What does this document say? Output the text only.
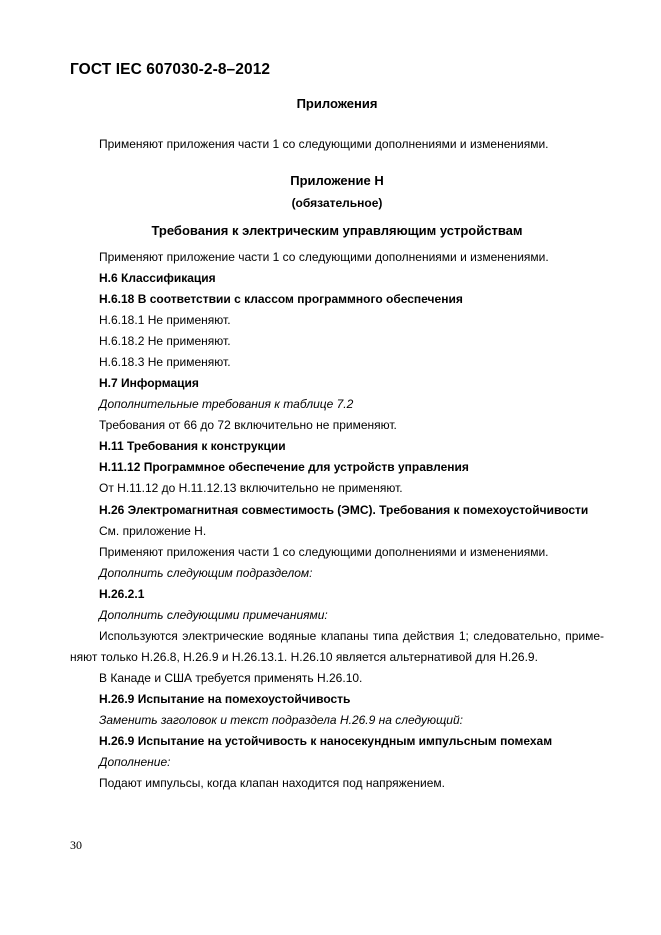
ГОСТ IEC 607030-2-8–2012
Приложения
Применяют приложения части 1 со следующими дополнениями и изменениями.
Приложение Н
(обязательное)
Требования к электрическим управляющим устройствам
Применяют приложение части 1 со следующими дополнениями и изменениями.
Н.6 Классификация
Н.6.18 В соответствии с классом программного обеспечения
Н.6.18.1 Не применяют.
Н.6.18.2 Не применяют.
Н.6.18.3 Не применяют.
Н.7 Информация
Дополнительные требования к таблице 7.2
Требования от 66 до 72 включительно не применяют.
Н.11 Требования к конструкции
Н.11.12 Программное обеспечение для устройств управления
От Н.11.12 до Н.11.12.13 включительно не применяют.
Н.26 Электромагнитная совместимость (ЭМС). Требования к помехоустойчивости
См. приложение Н.
Применяют приложения части 1 со следующими дополнениями и изменениями.
Дополнить следующим подразделом:
Н.26.2.1
Дополнить следующими примечаниями:
Используются электрические водяные клапаны типа действия 1; следовательно, приме-
няют только Н.26.8, Н.26.9 и Н.26.13.1. Н.26.10 является альтернативой для Н.26.9.
В Канаде и США требуется применять Н.26.10.
Н.26.9 Испытание на помехоустойчивость
Заменить заголовок и текст подраздела Н.26.9 на следующий:
Н.26.9 Испытание на устойчивость к наносекундным импульсным помехам
Дополнение:
Подают импульсы, когда клапан находится под напряжением.
30
